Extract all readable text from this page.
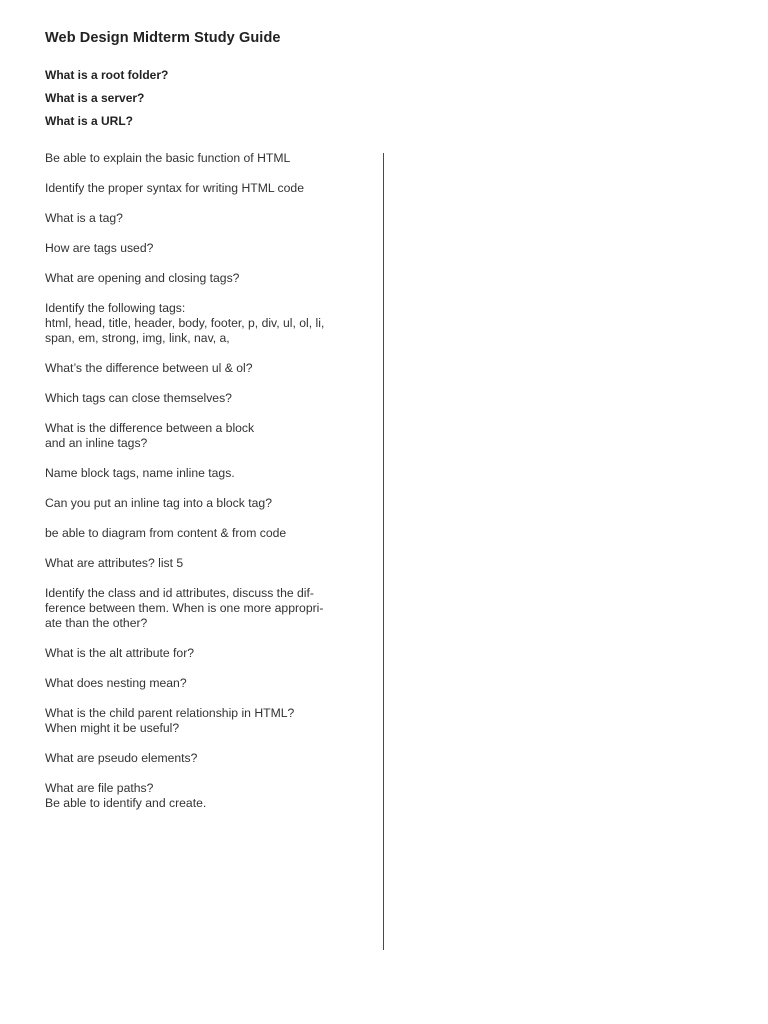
Web Design Midterm Study Guide
What is a root folder?
What is a server?
What is a URL?
Be able to explain the basic function of HTML
Identify the proper syntax for writing HTML code
What is a tag?
How are tags used?
What are opening and closing tags?
Identify the following tags:
html, head, title, header, body, footer, p, div, ul, ol, li,
span, em, strong, img, link, nav, a,
What’s the difference between ul & ol?
Which tags can close themselves?
What is the difference between a block
and an inline tags?
Name block tags, name inline tags.
Can you put an inline tag into a block tag?
be able to diagram from content & from code
What are attributes? list 5
Identify the class and id attributes, discuss the dif-
ference between them. When is one more appropri-
ate than the other?
What is the alt attribute for?
What does nesting mean?
What is the child parent relationship in HTML?
When might it be useful?
What are pseudo elements?
What are file paths?
Be able to identify and create.
